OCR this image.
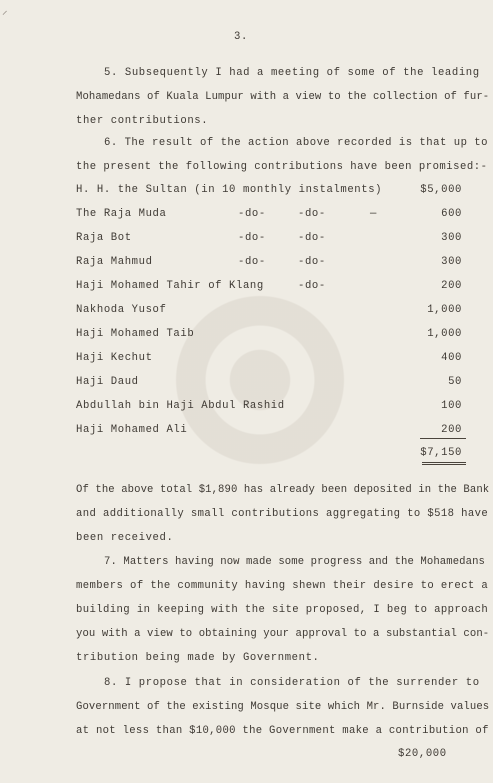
⸝
3.
5. Subsequently I had a meeting of some of the leading
Mohamedans of Kuala Lumpur with a view to the collection of fur-
ther contributions.
6. The result of the action above recorded is that up to
the present the following contributions have been promised:-
H. H. the Sultan (in 10 monthly instalments)	$5,000
The Raja Muda	-do-	-do-	—	600
Raja Bot	-do-	-do-	300
Raja Mahmud	-do-	-do-	300
Haji Mohamed Tahir of Klang	-do-	200
Nakhoda Yusof	1,000
Haji Mohamed Taib	1,000
Haji Kechut	400
Haji Daud	50
Abdullah bin Haji Abdul Rashid	100
Haji Mohamed Ali	200
$7,150
Of the above total $1,890 has already been deposited in the Bank
and additionally small contributions aggregating to $518 have
been received.
7. Matters having now made some progress and the Mohamedans
members of the community having shewn their desire to erect a
building in keeping with the site proposed, I beg to approach
you with a view to obtaining your approval to a substantial con-
tribution being made by Government.
8. I propose that in consideration of the surrender to
Government of the existing Mosque site which Mr. Burnside values
at not less than $10,000 the Government make a contribution of
$20,000
